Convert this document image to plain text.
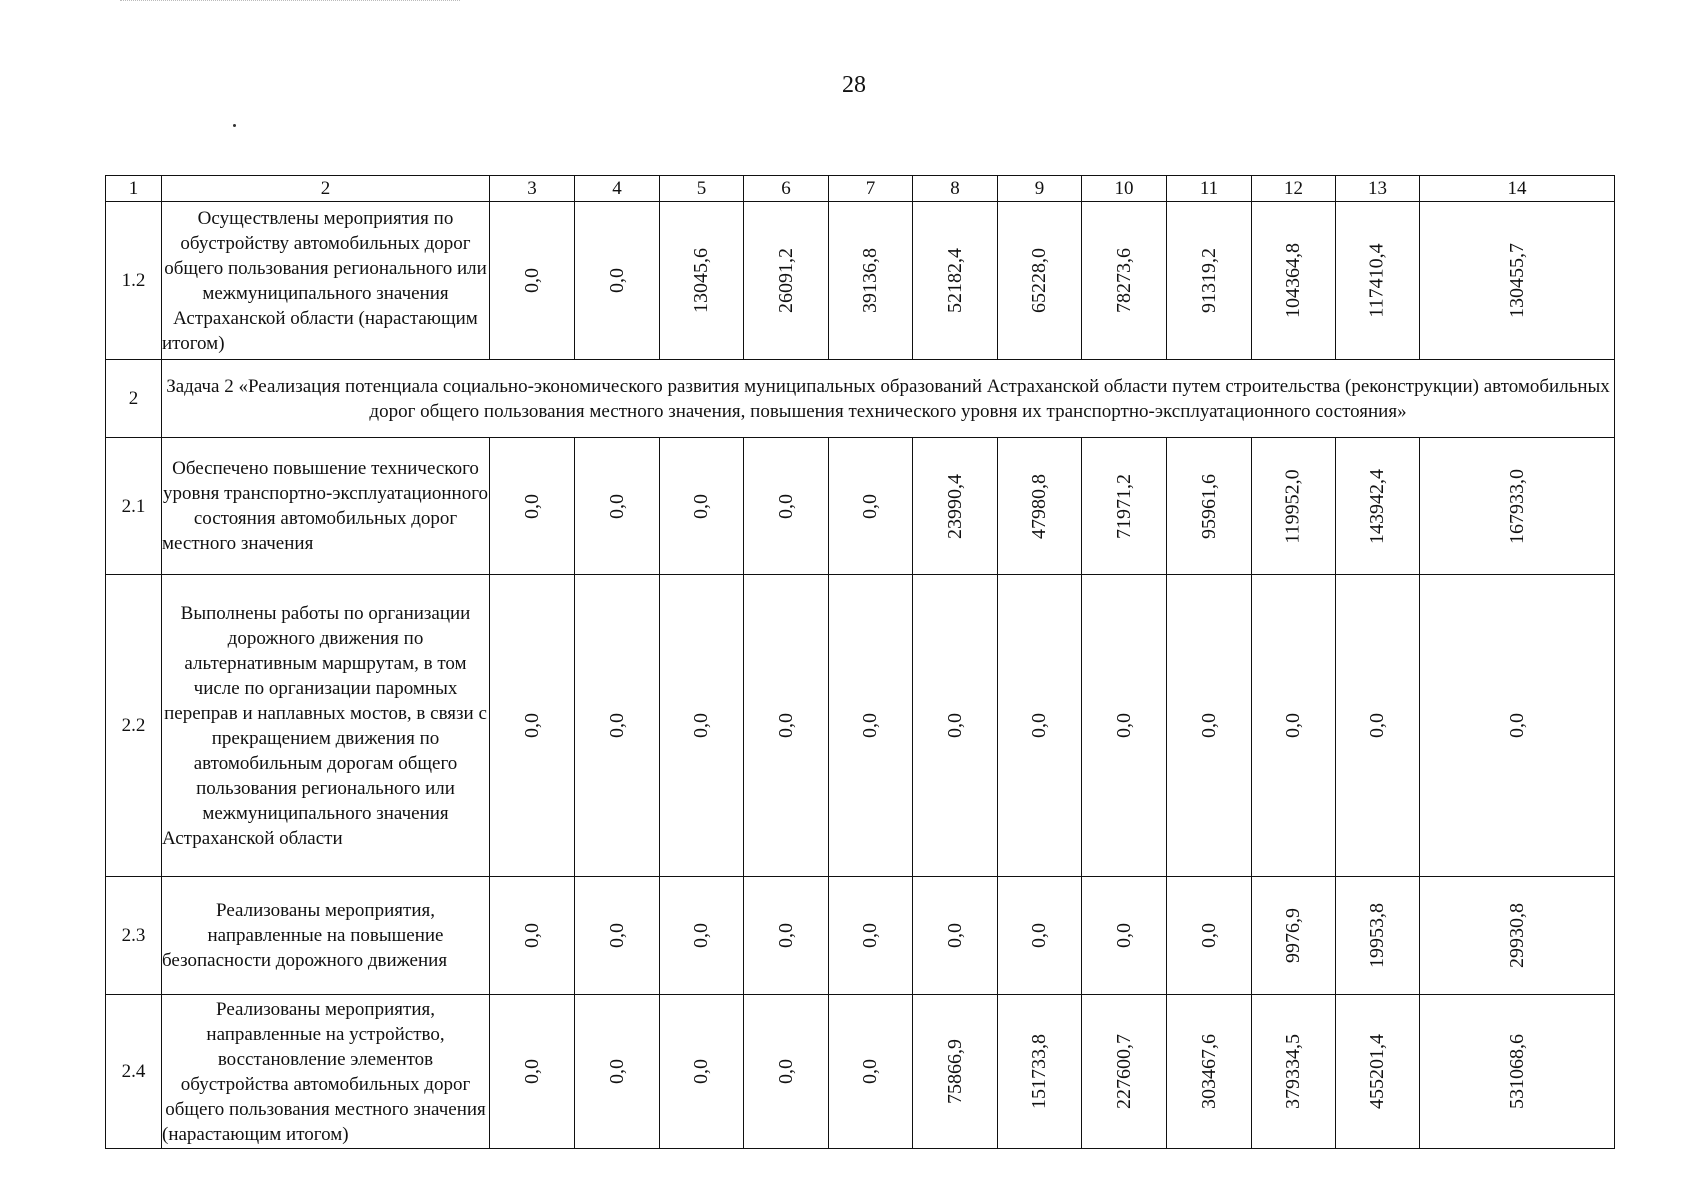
28
1	2	3	4	5	6	7	8	9	10	11	12	13	14
1.2	Осуществлены мероприятия по обустройству автомобильных дорог общего пользования регионального или межмуниципального значения Астраханской области (нарастающим итогом)	0,0	0,0	13045,6	26091,2	39136,8	52182,4	65228,0	78273,6	91319,2	104364,8	117410,4	130455,7
2	Задача 2 «Реализация потенциала социально-экономического развития муниципальных образований Астраханской области путем строительства (реконструкции) автомобильных дорог общего пользования местного значения, повышения технического уровня их транспортно-эксплуатационного состояния»												
2.1	Обеспечено повышение технического уровня транспортно-эксплуатационного состояния автомобильных дорог местного значения	0,0	0,0	0,0	0,0	0,0	23990,4	47980,8	71971,2	95961,6	119952,0	143942,4	167933,0
2.2	Выполнены работы по организации дорожного движения по альтернативным маршрутам, в том числе по организации паромных переправ и наплавных мостов, в связи с прекращением движения по автомобильным дорогам общего пользования регионального или межмуниципального значения Астраханской области	0,0	0,0	0,0	0,0	0,0	0,0	0,0	0,0	0,0	0,0	0,0	0,0
2.3	Реализованы мероприятия, направленные на повышение безопасности дорожного движения	0,0	0,0	0,0	0,0	0,0	0,0	0,0	0,0	0,0	9976,9	19953,8	29930,8
2.4	Реализованы мероприятия, направленные на устройство, восстановление элементов обустройства автомобильных дорог общего пользования местного значения (нарастающим итогом)	0,0	0,0	0,0	0,0	0,0	75866,9	151733,8	227600,7	303467,6	379334,5	455201,4	531068,6
